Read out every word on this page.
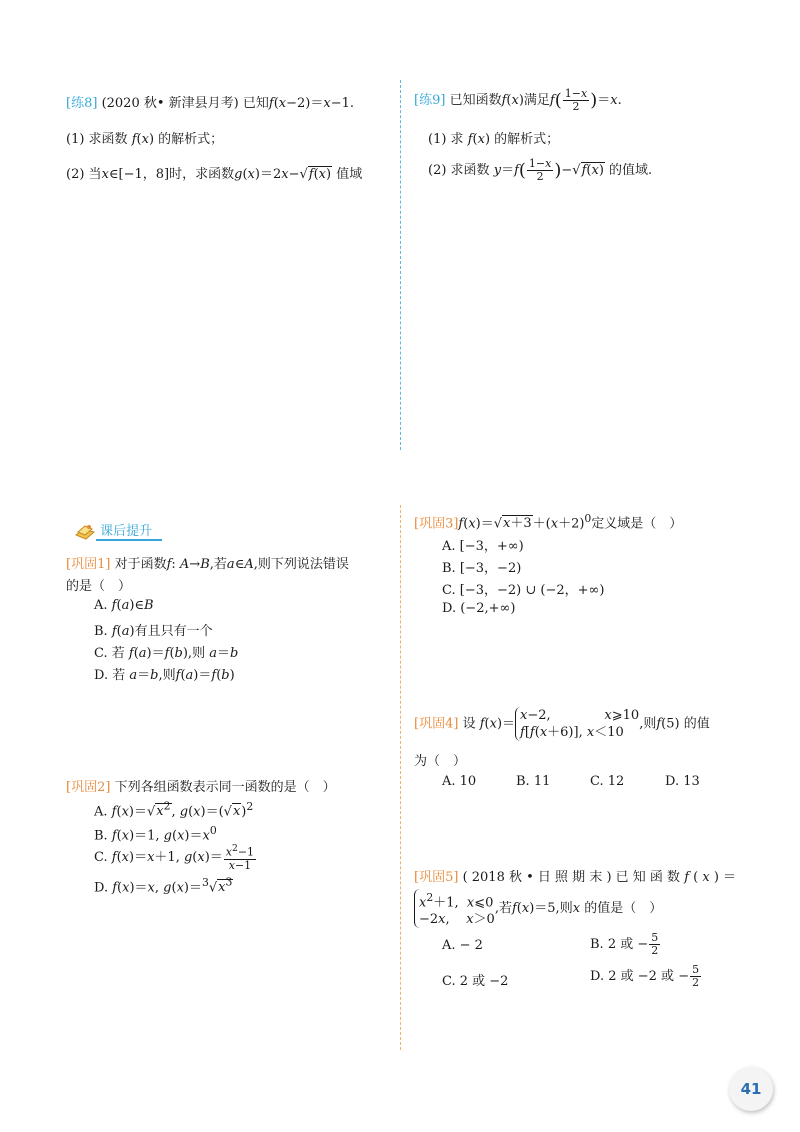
[练8] (2020 秋• 新津县月考) 已知f(x−2)＝x−1.
(1) 求函数 f(x) 的解析式；
(2) 当x∈[−1，8]时，求函数g(x)＝2x−√f(x) 值域
[练9] 已知函数f(x)满足$f( \frac{1-x}{2} )=x$.
(1) 求 f(x) 的解析式；
(2) 求函数 $y=f( \frac{1-x}{2} )-√f(x)$ 的值域.
课后提升
[巩固1] 对于函数f: A→B,若a∈A,则下列说法错误
的是（　）
A. f(a)∈B
B. f(a)有且只有一个
C. 若 f(a)＝f(b),则 a＝b
D. 若 a＝b,则f(a)＝f(b)
[巩固2] 下列各组函数表示同一函数的是（　）
A. $f(x)=√x^2$, $g(x)=(√x)^2$
B. f(x)＝1, $g(x)=x^0$
C. f(x)＝x＋1, $g(x)= \frac{x^2-1}{x-1}$
D. f(x)＝x, $g(x)=^3√x^3$
[巩固$3]f(x)=√x+3+(x+2)^0$定义域是（　）
A. [−3，+∞)
B. [−3，−2)
C. [−3，−2) ∪ (−2，+∞)
D. (−2,+∞)
[巩固4] 设 f(x)＝x−2,             x⩾10
f[f(x＋6)], x＜10,则f(5) 的值
为（　）
A. 10	B. 11	C. 12	D. 13
[巩固5] ( 2018 秋 • 日 照 期 末 ) 已 知 函 数 f ( x ) ＝
$x^2+1$,  x⩽0
−2x,    x＞0,若f(x)＝5,则x 的值是（　）
A. − 2	B. 2 或 − $\frac{5}{2}$
C. 2 或 −2	D. 2 或 −2 或 − $\frac{5}{2}$
41
